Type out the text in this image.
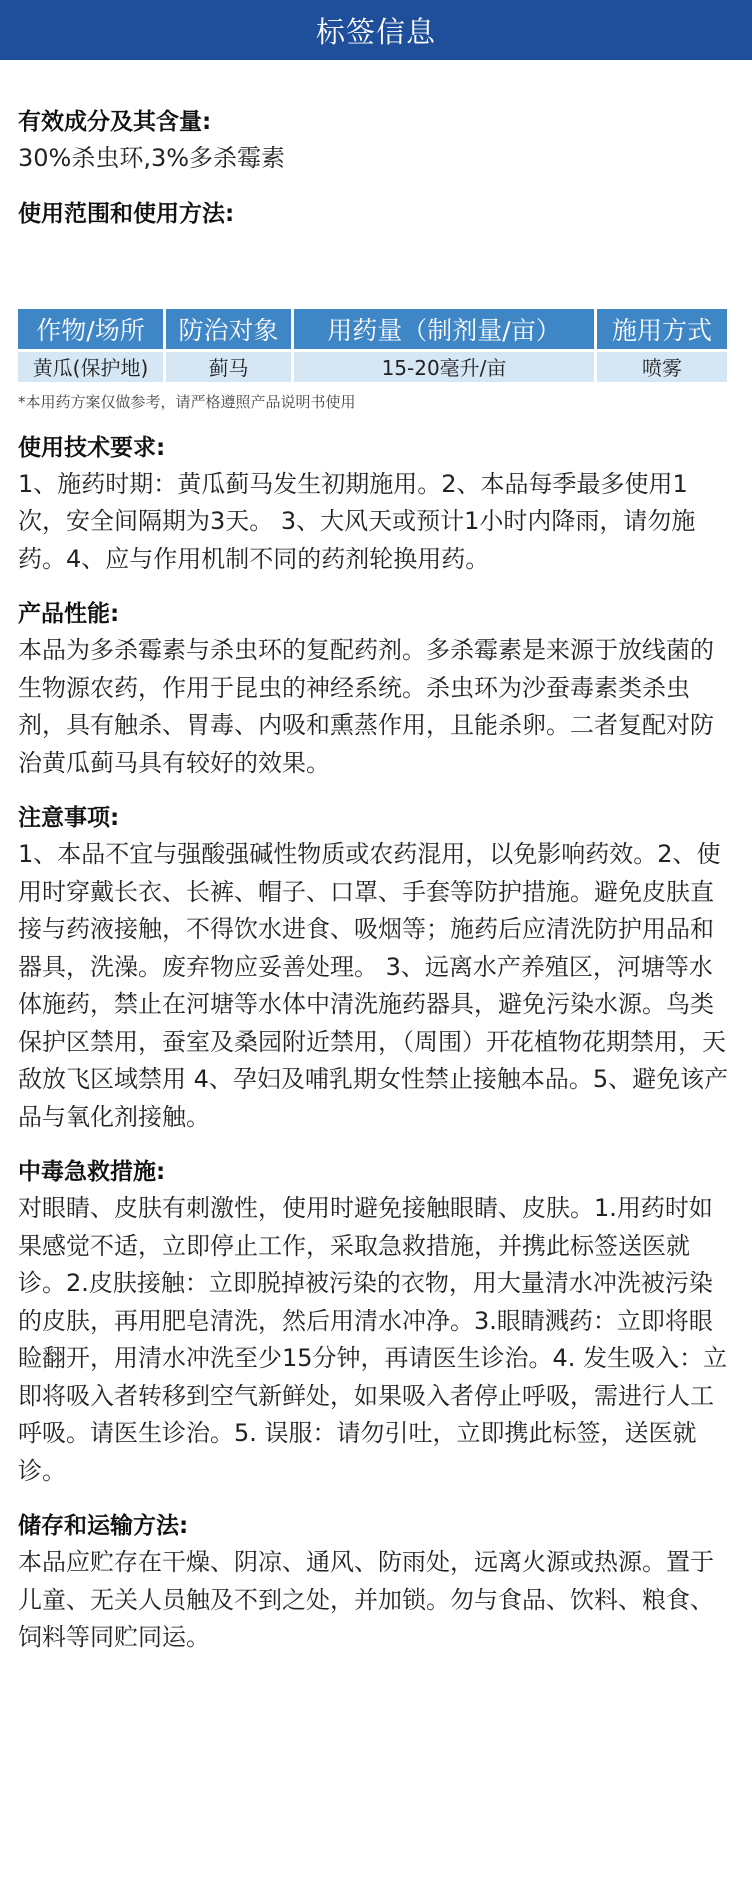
标签信息
有效成分及其含量:
30%杀虫环,3%多杀霉素
使用范围和使用方法:
作物/场所	防治对象	用药量（制剂量/亩）	施用方式
黄瓜(保护地)	蓟马	15-20毫升/亩	喷雾
*本用药方案仅做参考，请严格遵照产品说明书使用
使用技术要求:
1、施药时期：黄瓜蓟马发生初期施用。2、本品每季最多使用1次，安全间隔期为3天。 3、大风天或预计1小时内降雨，请勿施药。4、应与作用机制不同的药剂轮换用药。
产品性能:
本品为多杀霉素与杀虫环的复配药剂。多杀霉素是来源于放线菌的生物源农药，作用于昆虫的神经系统。杀虫环为沙蚕毒素类杀虫剂，具有触杀、胃毒、内吸和熏蒸作用，且能杀卵。二者复配对防治黄瓜蓟马具有较好的效果。
注意事项:
1、本品不宜与强酸强碱性物质或农药混用，以免影响药效。2、使用时穿戴长衣、长裤、帽子、口罩、手套等防护措施。避免皮肤直接与药液接触，不得饮水进食、吸烟等；施药后应清洗防护用品和器具，洗澡。废弃物应妥善处理。 3、远离水产养殖区，河塘等水体施药，禁止在河塘等水体中清洗施药器具，避免污染水源。鸟类保护区禁用，蚕室及桑园附近禁用，（周围）开花植物花期禁用，天敌放飞区域禁用 4、孕妇及哺乳期女性禁止接触本品。5、避免该产品与氧化剂接触。
中毒急救措施:
对眼睛、皮肤有刺激性，使用时避免接触眼睛、皮肤。1.用药时如果感觉不适，立即停止工作，采取急救措施，并携此标签送医就诊。2.皮肤接触：立即脱掉被污染的衣物，用大量清水冲洗被污染的皮肤，再用肥皂清洗，然后用清水冲净。3.眼睛溅药：立即将眼睑翻开，用清水冲洗至少15分钟，再请医生诊治。4. 发生吸入：立即将吸入者转移到空气新鲜处，如果吸入者停止呼吸，需进行人工呼吸。请医生诊治。5. 误服：请勿引吐，立即携此标签，送医就诊。
储存和运输方法:
本品应贮存在干燥、阴凉、通风、防雨处，远离火源或热源。置于儿童、无关人员触及不到之处，并加锁。勿与食品、饮料、粮食、饲料等同贮同运。
